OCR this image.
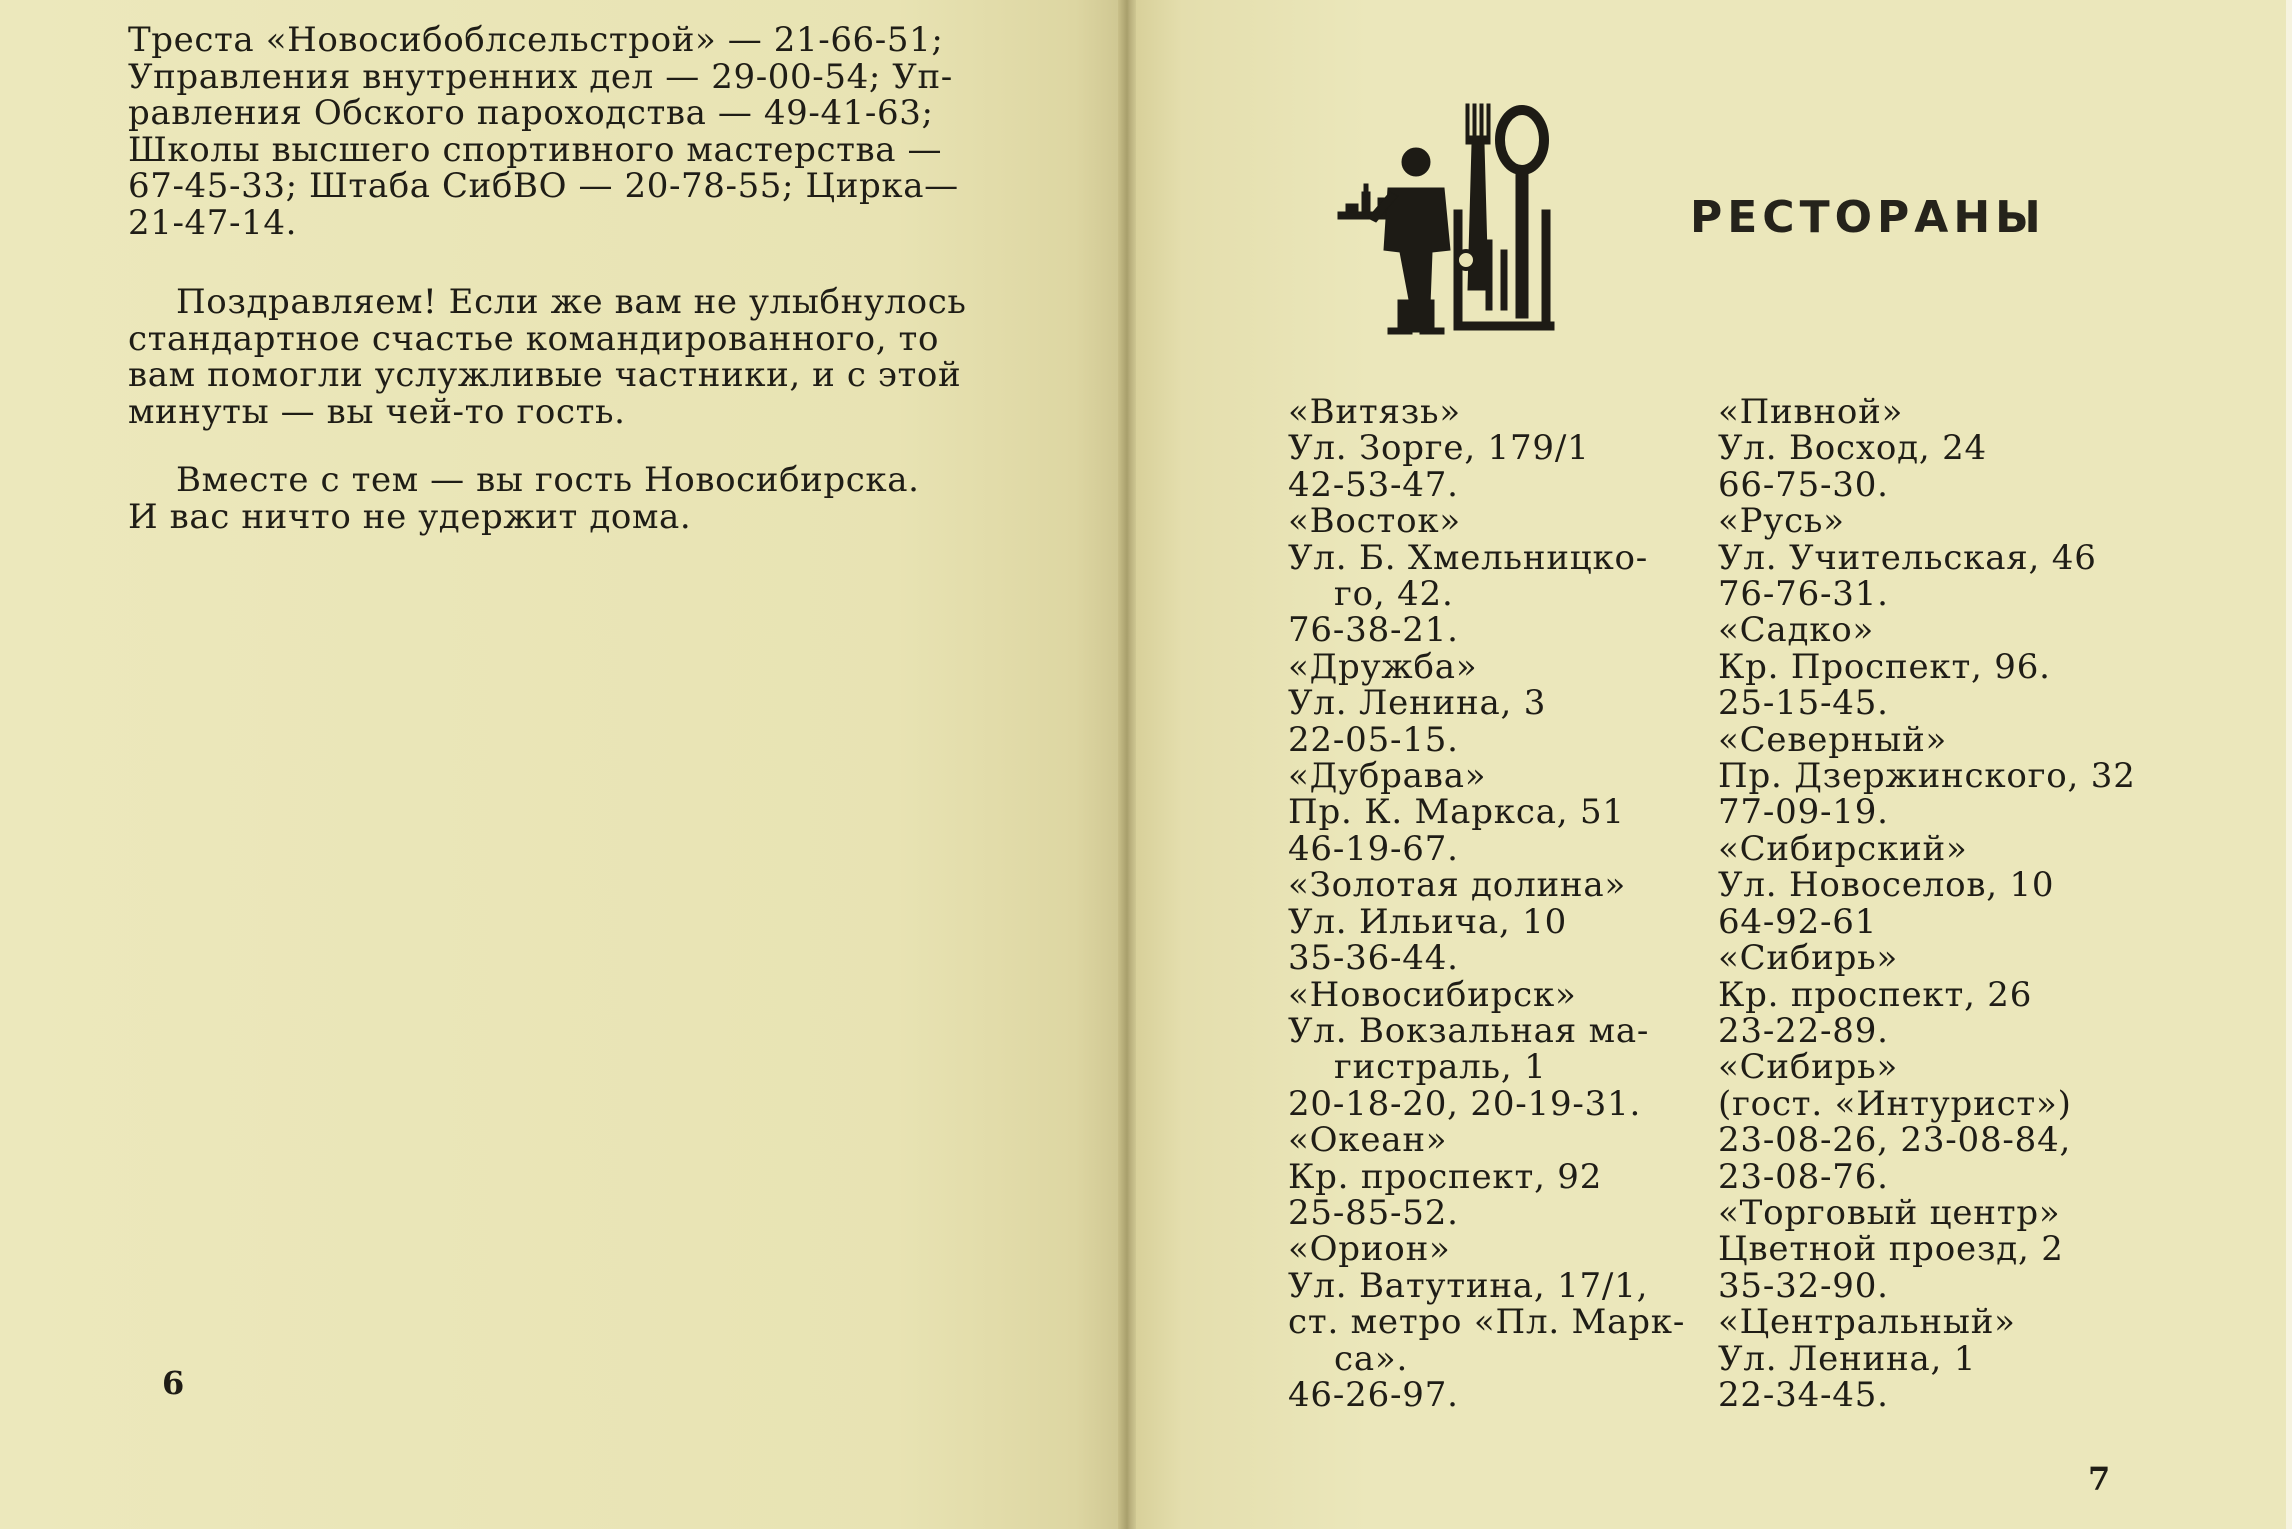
Треста «Новосибоблсельстрой» — 21-66-51;
Управления внутренних дел — 29-00-54; Уп-
равления Обского пароходства — 49-41-63;
Школы высшего спортивного мастерства —
67-45-33; Штаба СибВО — 20-78-55; Цирка—
21-47-14.

Поздравляем! Если же вам не улыбнулось
стандартное счастье командированного, то
вам помогли услужливые частники, и с этой
минуты — вы чей-то гость.

Вместе с тем — вы гость Новосибирска.
И вас ничто не удержит дома.

6
РЕСТОРАНЫ
«Витязь»
Ул. Зорге, 179/1
42-53-47.
«Восток»
Ул. Б. Хмельницко-
го, 42.
76-38-21.
«Дружба»
Ул. Ленина, 3
22-05-15.
«Дубрава»
Пр. К. Маркса, 51
46-19-67.
«Золотая долина»
Ул. Ильича, 10
35-36-44.
«Новосибирск»
Ул. Вокзальная ма-
гистраль, 1
20-18-20, 20-19-31.
«Океан»
Кр. проспект, 92
25-85-52.
«Орион»
Ул. Ватутина, 17/1,
ст. метро «Пл. Марк-
са».
46-26-97.
«Пивной»
Ул. Восход, 24
66-75-30.
«Русь»
Ул. Учительская, 46
76-76-31.
«Садко»
Кр. Проспект, 96.
25-15-45.
«Северный»
Пр. Дзержинского, 32
77-09-19.
«Сибирский»
Ул. Новоселов, 10
64-92-61
«Сибирь»
Кр. проспект, 26
23-22-89.
«Сибирь»
(гост. «Интурист»)
23-08-26, 23-08-84,
23-08-76.
«Торговый центр»
Цветной проезд, 2
35-32-90.
«Центральный»
Ул. Ленина, 1
22-34-45.
7
